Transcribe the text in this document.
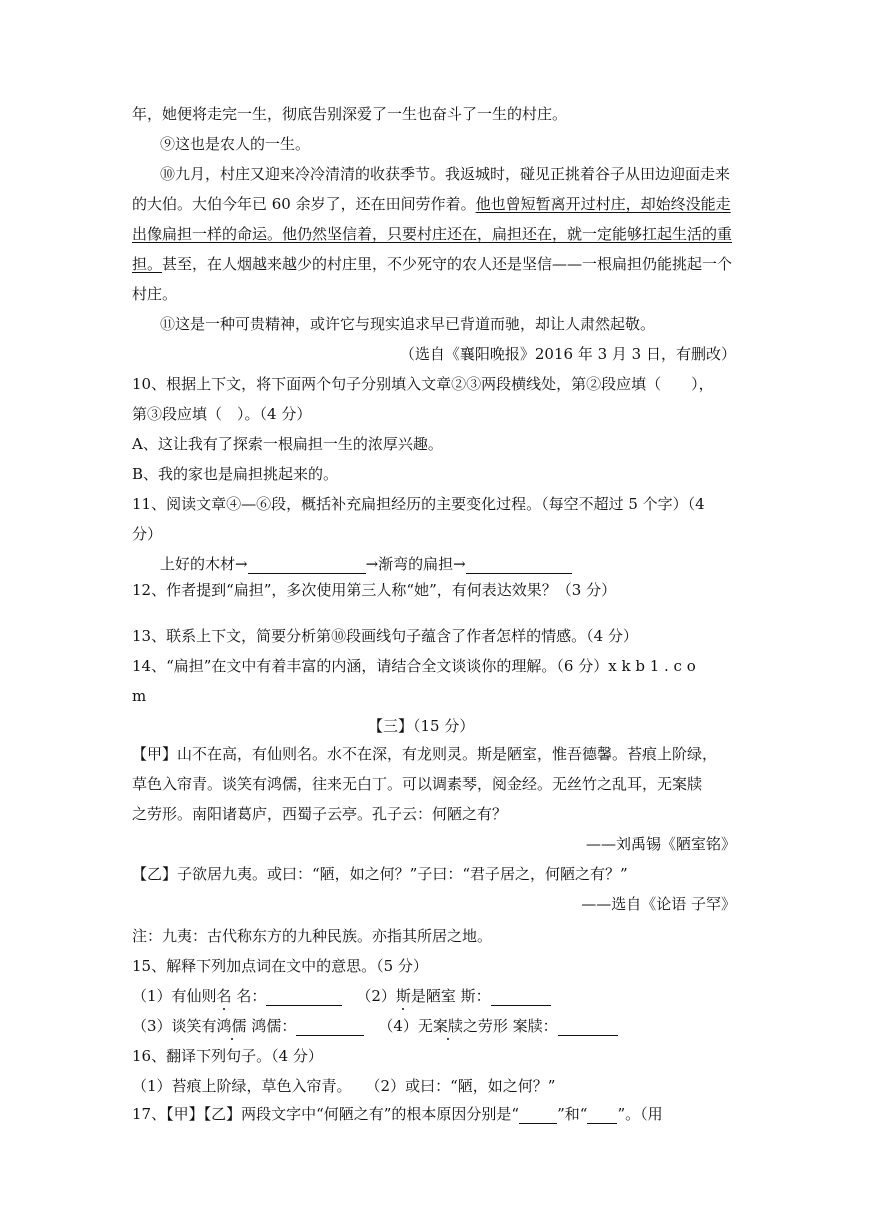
年，她便将走完一生，彻底告别深爱了一生也奋斗了一生的村庄。
⑨这也是农人的一生。
⑩九月，村庄又迎来冷冷清清的收获季节。我返城时，碰见正挑着谷子从田边迎面走来
的大伯。大伯今年已 60 余岁了，还在田间劳作着。他也曾短暂离开过村庄，却始终没能走
出像扁担一样的命运。他仍然坚信着，只要村庄还在，扁担还在，就一定能够扛起生活的重
担。甚至，在人烟越来越少的村庄里，不少死守的农人还是坚信——一根扁担仍能挑起一个
村庄。
⑪这是一种可贵精神，或许它与现实追求早已背道而驰，却让人肃然起敬。
（选自《襄阳晚报》2016 年 3 月 3 日，有删改）
10、根据上下文，将下面两个句子分别填入文章②③两段横线处，第②段应填（　　），
第③段应填（　）。（4 分）
A、这让我有了探索一根扁担一生的浓厚兴趣。
B、我的家也是扁担挑起来的。
11、阅读文章④—⑥段，概括补充扁担经历的主要变化过程。（每空不超过 5 个字）（4
分）
上好的木材→	→渐弯的扁担→
12、作者提到“扁担”，多次使用第三人称“她”，有何表达效果？（3 分）
13、联系上下文，简要分析第⑩段画线句子蕴含了作者怎样的情感。（4 分）
14、“扁担”在文中有着丰富的内涵，请结合全文谈谈你的理解。（6 分）x k b 1 . c o
m
【三】（15 分）
【甲】山不在高，有仙则名。水不在深，有龙则灵。斯是陋室，惟吾德馨。苔痕上阶绿，
草色入帘青。谈笑有鸿儒，往来无白丁。可以调素琴，阅金经。无丝竹之乱耳，无案牍
之劳形。南阳诸葛庐，西蜀子云亭。孔子云：何陋之有？
——刘禹锡《陋室铭》
【乙】子欲居九夷。或曰：“陋，如之何？”子曰：“君子居之，何陋之有？”
——选自《论语 子罕》
注：九夷：古代称东方的九种民族。亦指其所居之地。
15、解释下列加点词在文中的意思。（5 分）
（1）有仙则名 名：	（2）斯是陋室 斯：
（3）谈笑有鸿儒 鸿儒：	（4）无案牍之劳形 案牍：
16、翻译下列句子。（4 分）
（1）苔痕上阶绿，草色入帘青。 （2）或曰：“陋，如之何？”
17、【甲】【乙】两段文字中“何陋之有”的根本原因分别是“	”和“ ”。（用
